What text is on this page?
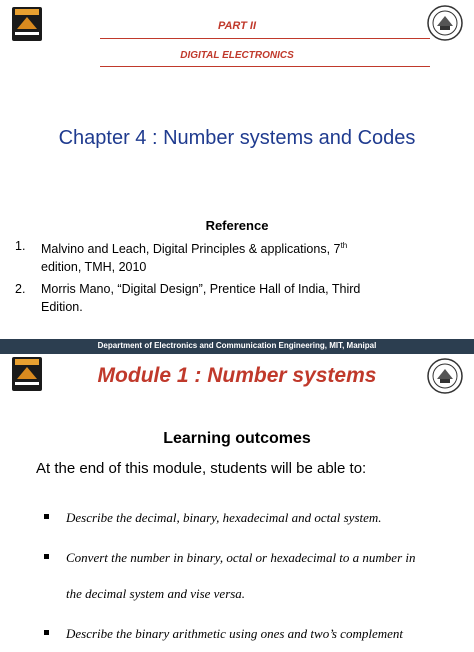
PART II
DIGITAL ELECTRONICS
Chapter 4 : Number systems and Codes
Reference
1.	Malvino and Leach, Digital Principles & applications, 7th
edition, TMH, 2010
2.	Morris Mano, “Digital Design”, Prentice Hall of India, Third
Edition.
Department of Electronics and Communication Engineering, MIT, Manipal
Module 1 : Number systems
Learning outcomes
At the end of this module, students will be able to:
Describe the decimal, binary, hexadecimal and octal system.
Convert the number in binary, octal or hexadecimal to a number in
the decimal system and vise versa.
Describe the binary arithmetic using ones and two’s complement
